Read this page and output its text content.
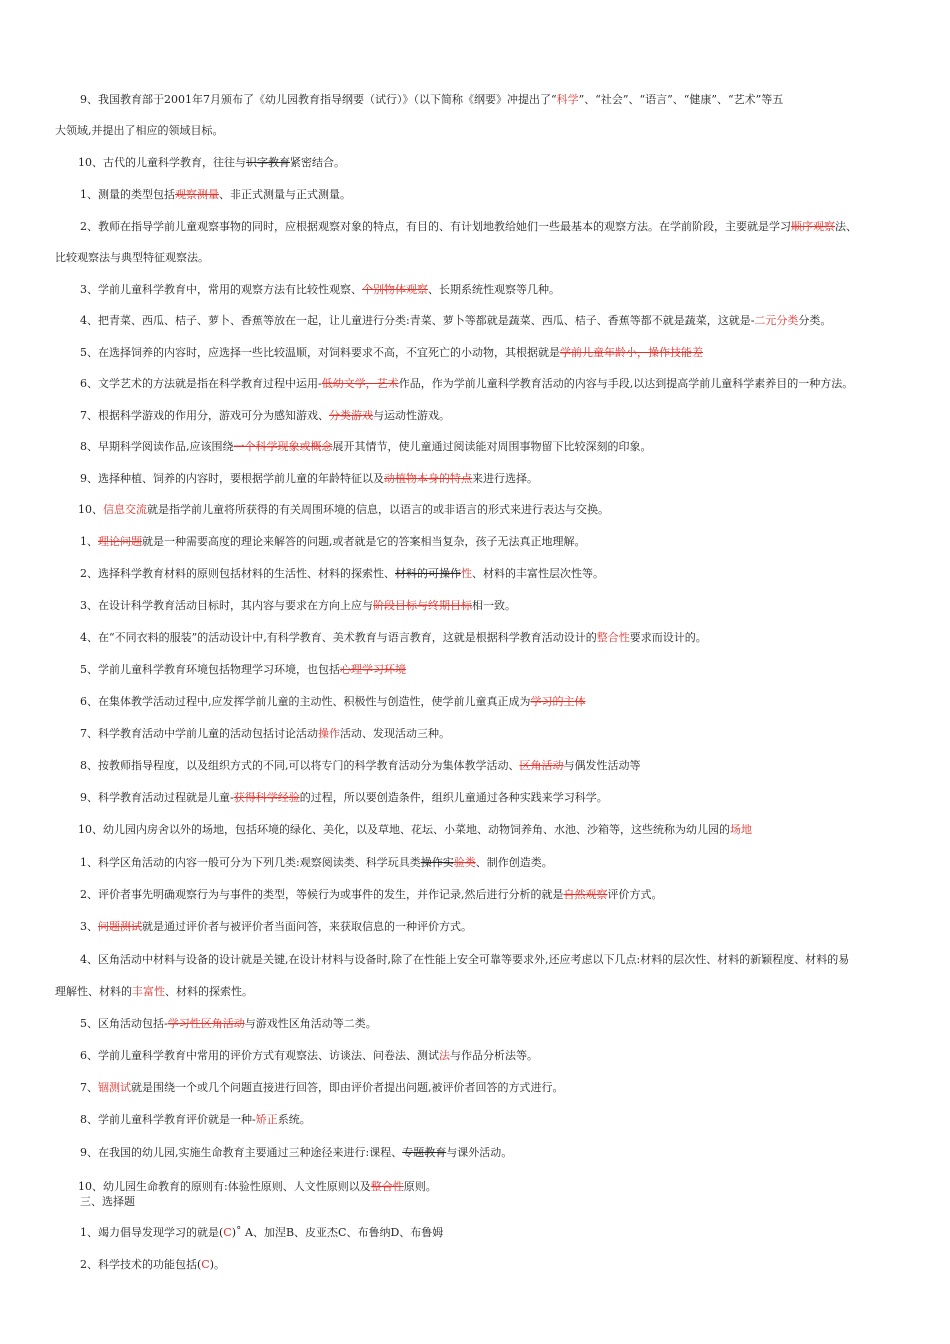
9、我国教育部于2001年7月颁布了《幼儿园教育指导纲要（试行）》（以下简称《纲要》冲提出了“科学”、“社会”、“语言”、“健康”、“艺术”等五
大领域,并提出了相应的领域目标。
10、古代的儿童科学教育，往往与识字教育紧密结合。
1、测量的类型包括观察测量、非正式测量与正式测量。
2、教师在指导学前儿童观察事物的同时，应根据观察对象的特点，有目的、有计划地教给她们一些最基本的观察方法。在学前阶段，主要就是学习顺序观察法、
比较观察法与典型特征观察法。
3、学前儿童科学教育中，常用的观察方法有比较性观察、个别物体观察、长期系统性观察等几种。
4、把青菜、西瓜、桔子、萝卜、香蕉等放在一起，让儿童进行分类:青菜、萝卜等都就是蔬菜、西瓜、桔子、香蕉等都不就是蔬菜，这就是-二元分类分类。
5、在选择饲养的内容时，应选择一些比较温顺，对饲料要求不高，不宜死亡的小动物，其根据就是学前儿童年龄小，操作技能差
6、文学艺术的方法就是指在科学教育过程中运用-低幼文学，艺术作品，作为学前儿童科学教育活动的内容与手段,以达到提高学前儿童科学素养目的一种方法。
7、根据科学游戏的作用分，游戏可分为感知游戏、分类游戏与运动性游戏。
8、早期科学阅读作品,应该围绕一个科学现象或概念展开其情节，使儿童通过阅读能对周围事物留下比较深刻的印象。
9、选择种植、饲养的内容时，要根据学前儿童的年龄特征以及动植物本身的特点来进行选择。
10、信息交流就是指学前儿童将所获得的有关周围环境的信息，以语言的或非语言的形式来进行表达与交换。
1、理论问题就是一种需要高度的理论来解答的问题,或者就是它的答案相当复杂，孩子无法真正地理解。
2、选择科学教育材料的原则包括材料的生活性、材料的探索性、材料的可操作性、材料的丰富性层次性等。
3、在设计科学教育活动目标时，其内容与要求在方向上应与阶段目标与终期目标相一致。
4、在“不同衣料的服装”的活动设计中,有科学教育、美术教育与语言教育，这就是根据科学教育活动设计的整合性要求而设计的。
5、学前儿童科学教育环境包括物理学习环境，也包括心理学习环境
6、在集体教学活动过程中,应发挥学前儿童的主动性、积极性与创造性，使学前儿童真正成为学习的主体
7、科学教育活动中学前儿童的活动包括讨论活动操作活动、发现活动三种。
8、按教师指导程度，以及组织方式的不同,可以将专门的科学教育活动分为集体教学活动、区角活动与偶发性活动等
9、科学教育活动过程就是儿童-获得科学经验的过程，所以要创造条件，组织儿童通过各种实践来学习科学。
10、幼儿园内房舍以外的场地，包括环境的绿化、美化，以及草地、花坛、小菜地、动物饲养角、水池、沙箱等，这些统称为幼儿园的场地
1、科学区角活动的内容一般可分为下列几类:观察阅读类、科学玩具类操作实验类、制作创造类。
2、评价者事先明确观察行为与事件的类型，等候行为或事件的发生，并作记录,然后进行分析的就是自然观察评价方式。
3、问题测试就是通过评价者与被评价者当面问答，来获取信息的一种评价方式。
4、区角活动中材料与设备的设计就是关键,在设计材料与设备时,除了在性能上安全可靠等要求外,还应考虑以下几点:材料的层次性、材料的新颖程度、材料的易
理解性、材料的丰富性、材料的探索性。
5、区角活动包括-学习性区角活动与游戏性区角活动等二类。
6、学前儿童科学教育中常用的评价方式有观察法、访谈法、问卷法、测试法与作品分析法等。
7、锢测试就是围绕一个或几个问题直接进行回答，即由评价者提出问题,被评价者回答的方式进行。
8、学前儿童科学教育评价就是一种-矫正系统。
9、在我国的幼儿园,实施生命教育主要通过三种途径来进行:课程、专题教育与课外活动。
10、幼儿园生命教育的原则有:体验性原则、人文性原则以及整合性原则。
三、选择题
1、竭力倡导发现学习的就是(C)˚ A、加涅B、皮亚杰C、布鲁纳D、布鲁姆
2、科学技术的功能包括(C)。
